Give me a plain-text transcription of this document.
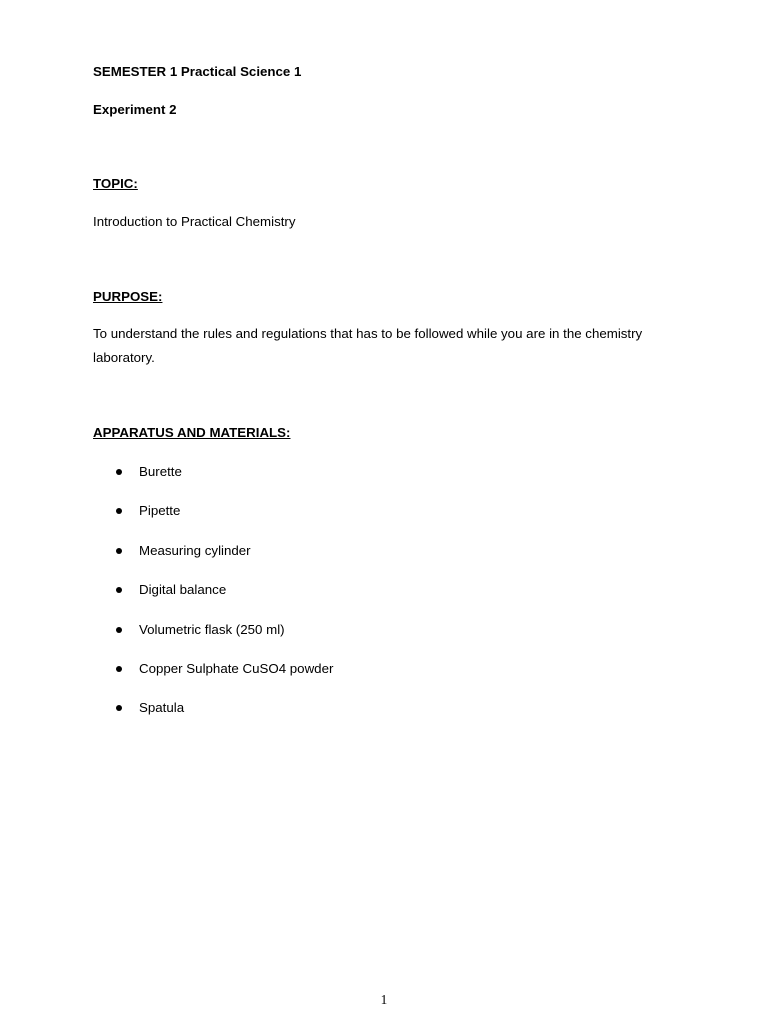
SEMESTER 1 Practical Science 1
Experiment 2
TOPIC:
Introduction to Practical Chemistry
PURPOSE:
To understand the rules and regulations that has to be followed while you are in the chemistry laboratory.
APPARATUS AND MATERIALS:
Burette
Pipette
Measuring cylinder
Digital balance
Volumetric flask (250 ml)
Copper Sulphate CuSO4 powder
Spatula
1
